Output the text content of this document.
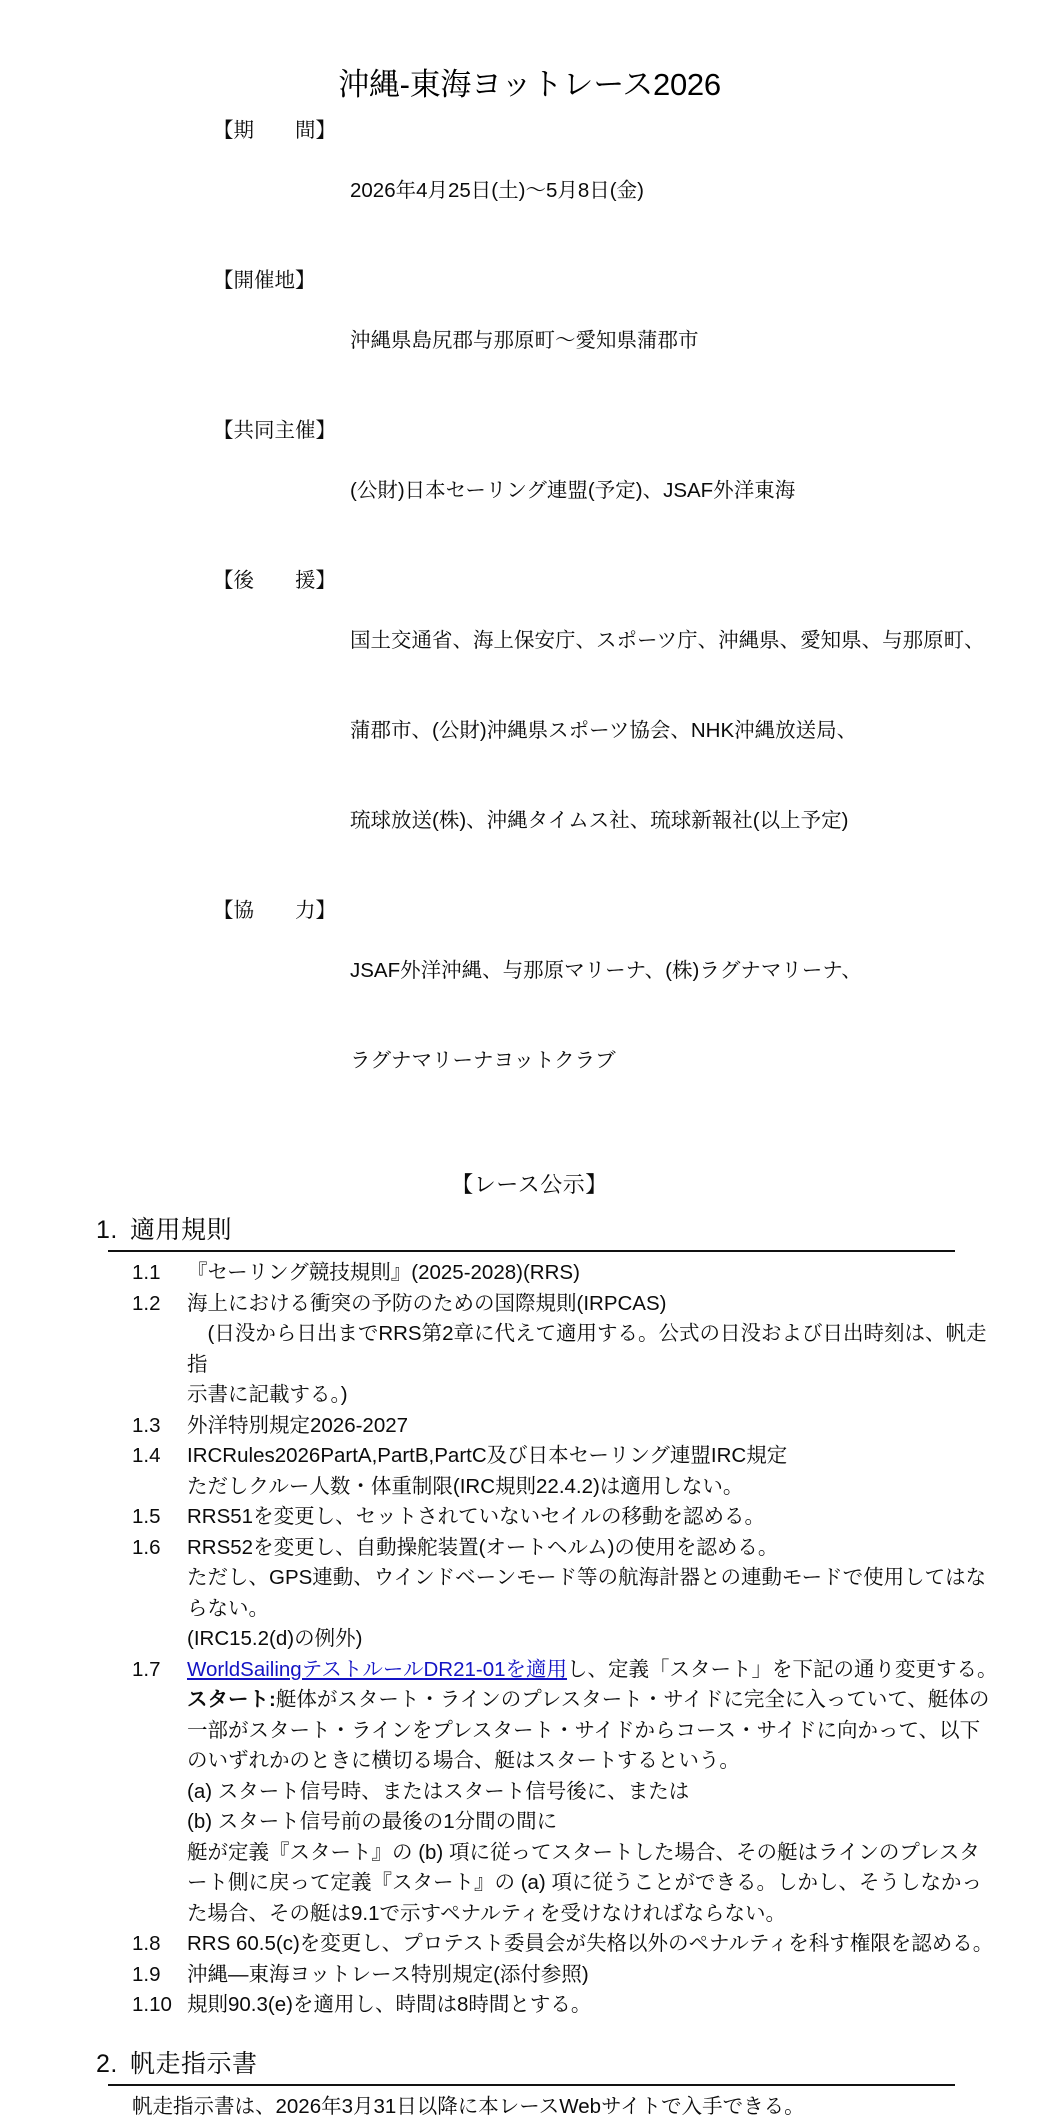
沖縄-東海ヨットレース2026
【期　　間】

2026年4月25日(土)〜5月8日(金)

【開催地】

沖縄県島尻郡与那原町〜愛知県蒲郡市

【共同主催】

(公財)日本セーリング連盟(予定)、JSAF外洋東海

【後　　援】

国土交通省、海上保安庁、スポーツ庁、沖縄県、愛知県、与那原町、

蒲郡市、(公財)沖縄県スポーツ協会、NHK沖縄放送局、

琉球放送(株)、沖縄タイムス社、琉球新報社(以上予定)

【協　　力】

JSAF外洋沖縄、与那原マリーナ、(株)ラグナマリーナ、

ラグナマリーナヨットクラブ

【レース公示】
1. 適用規則
1.1	『セーリング競技規則』(2025-2028)(RRS)
1.2	海上における衝突の予防のための国際規則(IRPCAS)
　(日没から日出までRRS第2章に代えて適用する。公式の日没および日出時刻は、帆走指
示書に記載する。)
1.3	外洋特別規定2026-2027
1.4	IRCRules2026PartA,PartB,PartC及び日本セーリング連盟IRC規定
ただしクルー人数・体重制限(IRC規則22.4.2)は適用しない。
1.5	RRS51を変更し、セットされていないセイルの移動を認める。
1.6	RRS52を変更し、自動操舵装置(オートヘルム)の使用を認める。
ただし、GPS連動、ウインドベーンモード等の航海計器との連動モードで使用してはならない。
(IRC15.2(d)の例外)
1.7	WorldSailingテストルールDR21-01を適用し、定義「スタート」を下記の通り変更する。
スタート:艇体がスタート・ラインのプレスタート・サイドに完全に入っていて、艇体の一部がスタート・ラインをプレスタート・サイドからコース・サイドに向かって、以下のいずれかのときに横切る場合、艇はスタートするという。
(a) スタート信号時、またはスタート信号後に、または
(b) スタート信号前の最後の1分間の間に
艇が定義『スタート』の (b) 項に従ってスタートした場合、その艇はラインのプレスタート側に戻って定義『スタート』の (a) 項に従うことができる。しかし、そうしなかった場合、その艇は9.1で示すペナルティを受けなければならない。
1.8	RRS 60.5(c)を変更し、プロテスト委員会が失格以外のペナルティを科す権限を認める。
1.9	沖縄―東海ヨットレース特別規定(添付参照)
1.10 規則90.3(e)を適用し、時間は8時間とする。
2. 帆走指示書
帆走指示書は、2026年3月31日以降に本レースWebサイトで入手できる。
